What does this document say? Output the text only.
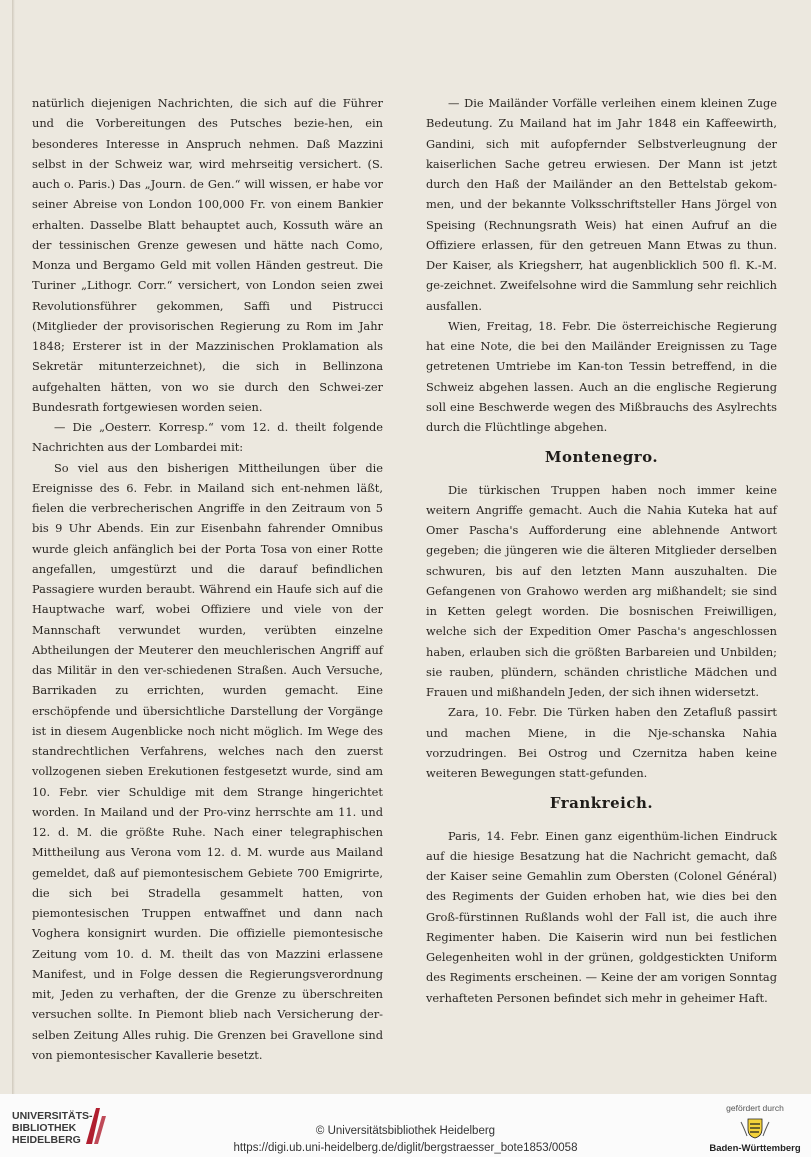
natürlich diejenigen Nachrichten, die sich auf die Führer und die Vorbereitungen des Putsches bezie-hen, ein besonderes Interesse in Anspruch nehmen. Daß Mazzini selbst in der Schweiz war, wird mehrseitig versichert. (S. auch o. Paris.) Das „Journ. de Gen.“ will wissen, er habe vor seiner Abreise von London 100,000 Fr. von einem Bankier erhalten. Dasselbe Blatt behauptet auch, Kossuth wäre an der tessinischen Grenze gewesen und hätte nach Como, Monza und Bergamo Geld mit vollen Händen gestreut. Die Turiner „Lithogr. Corr.“ versichert, von London seien zwei Revolutionsführer gekommen, Saffi und Pistrucci (Mitglieder der provisorischen Regierung zu Rom im Jahr 1848; Ersterer ist in der Mazzinischen Proklamation als Sekretär mitunterzeichnet), die sich in Bellinzona aufgehalten hätten, von wo sie durch den Schwei-zer Bundesrath fortgewiesen worden seien.

— Die „Oesterr. Korresp.“ vom 12. d. theilt folgende Nachrichten aus der Lombardei mit:

So viel aus den bisherigen Mittheilungen über die Ereignisse des 6. Febr. in Mailand sich ent-nehmen läßt, fielen die verbrecherischen Angriffe in den Zeitraum von 5 bis 9 Uhr Abends. Ein zur Eisenbahn fahrender Omnibus wurde gleich anfänglich bei der Porta Tosa von einer Rotte angefallen, umgestürzt und die darauf befindlichen Passagiere wurden beraubt. Während ein Haufe sich auf die Hauptwache warf, wobei Offiziere und viele von der Mannschaft verwundet wurden, verübten einzelne Abtheilungen der Meuterer den meuchlerischen Angriff auf das Militär in den ver-schiedenen Straßen. Auch Versuche, Barrikaden zu errichten, wurden gemacht. Eine erschöpfende und übersichtliche Darstellung der Vorgänge ist in diesem Augenblicke noch nicht möglich. Im Wege des standrechtlichen Verfahrens, welches nach den zuerst vollzogenen sieben Erekutionen festgesetzt wurde, sind am 10. Febr. vier Schuldige mit dem Strange hingerichtet worden. In Mailand und der Pro-vinz herrschte am 11. und 12. d. M. die größte Ruhe. Nach einer telegraphischen Mittheilung aus Verona vom 12. d. M. wurde aus Mailand gemeldet, daß auf piemontesischem Gebiete 700 Emigrirte, die sich bei Stradella gesammelt hatten, von piemontesischen Truppen entwaffnet und dann nach Voghera konsignirt wurden. Die offizielle piemontesische Zeitung vom 10. d. M. theilt das von Mazzini erlassene Manifest, und in Folge dessen die Regierungsverordnung mit, Jeden zu verhaften, der die Grenze zu überschreiten versuchen sollte. In Piemont blieb nach Versicherung der-selben Zeitung Alles ruhig. Die Grenzen bei Gravellone sind von piemontesischer Kavallerie besetzt.

— Die Mailänder Vorfälle verleihen einem kleinen Zuge Bedeutung. Zu Mailand hat im Jahr 1848 ein Kaffeewirth, Gandini, sich mit aufopfernder Selbstverleugnung der kaiserlichen Sache getreu erwiesen. Der Mann ist jetzt durch den Haß der Mailänder an den Bettelstab gekom-men, und der bekannte Volksschriftsteller Hans Jörgel von Speising (Rechnungsrath Weis) hat einen Aufruf an die Offiziere erlassen, für den getreuen Mann Etwas zu thun. Der Kaiser, als Kriegsherr, hat augenblicklich 500 fl. K.-M. ge-zeichnet. Zweifelsohne wird die Sammlung sehr reichlich ausfallen.

Wien, Freitag, 18. Febr. Die österreichische Regierung hat eine Note, die bei den Mailänder Ereignissen zu Tage getretenen Umtriebe im Kan-ton Tessin betreffend, in die Schweiz abgehen lassen. Auch an die englische Regierung soll eine Beschwerde wegen des Mißbrauchs des Asylrechts durch die Flüchtlinge abgehen.

Montenegro.

Die türkischen Truppen haben noch immer keine weitern Angriffe gemacht. Auch die Nahia Kuteka hat auf Omer Pascha's Aufforderung eine ablehnende Antwort gegeben; die jüngeren wie die älteren Mitglieder derselben schwuren, bis auf den letzten Mann auszuhalten. Die Gefangenen von Grahowo werden arg mißhandelt; sie sind in Ketten gelegt worden. Die bosnischen Freiwilligen, welche sich der Expedition Omer Pascha's angeschlossen haben, erlauben sich die größten Barbareien und Unbilden; sie rauben, plündern, schänden christliche Mädchen und Frauen und mißhandeln Jeden, der sich ihnen widersetzt.

Zara, 10. Febr. Die Türken haben den Zetafluß passirt und machen Miene, in die Nje-schanska Nahia vorzudringen. Bei Ostrog und Czernitza haben keine weiteren Bewegungen statt-gefunden.

Frankreich.

Paris, 14. Febr. Einen ganz eigenthüm-lichen Eindruck auf die hiesige Besatzung hat die Nachricht gemacht, daß der Kaiser seine Gemahlin zum Obersten (Colonel Général) des Regiments der Guiden erhoben hat, wie dies bei den Groß-fürstinnen Rußlands wohl der Fall ist, die auch ihre Regimenter haben. Die Kaiserin wird nun bei festlichen Gelegenheiten wohl in der grünen, goldgestickten Uniform des Regiments erscheinen. — Keine der am vorigen Sonntag verhafteten Personen befindet sich mehr in geheimer Haft.

UNIVERSITÄTS-
BIBLIOTHEK
HEIDELBERG
© Universitätsbibliothek Heidelberg
https://digi.ub.uni-heidelberg.de/diglit/bergstraesser_bote1853/0058
gefördert durch
Baden-Württemberg
